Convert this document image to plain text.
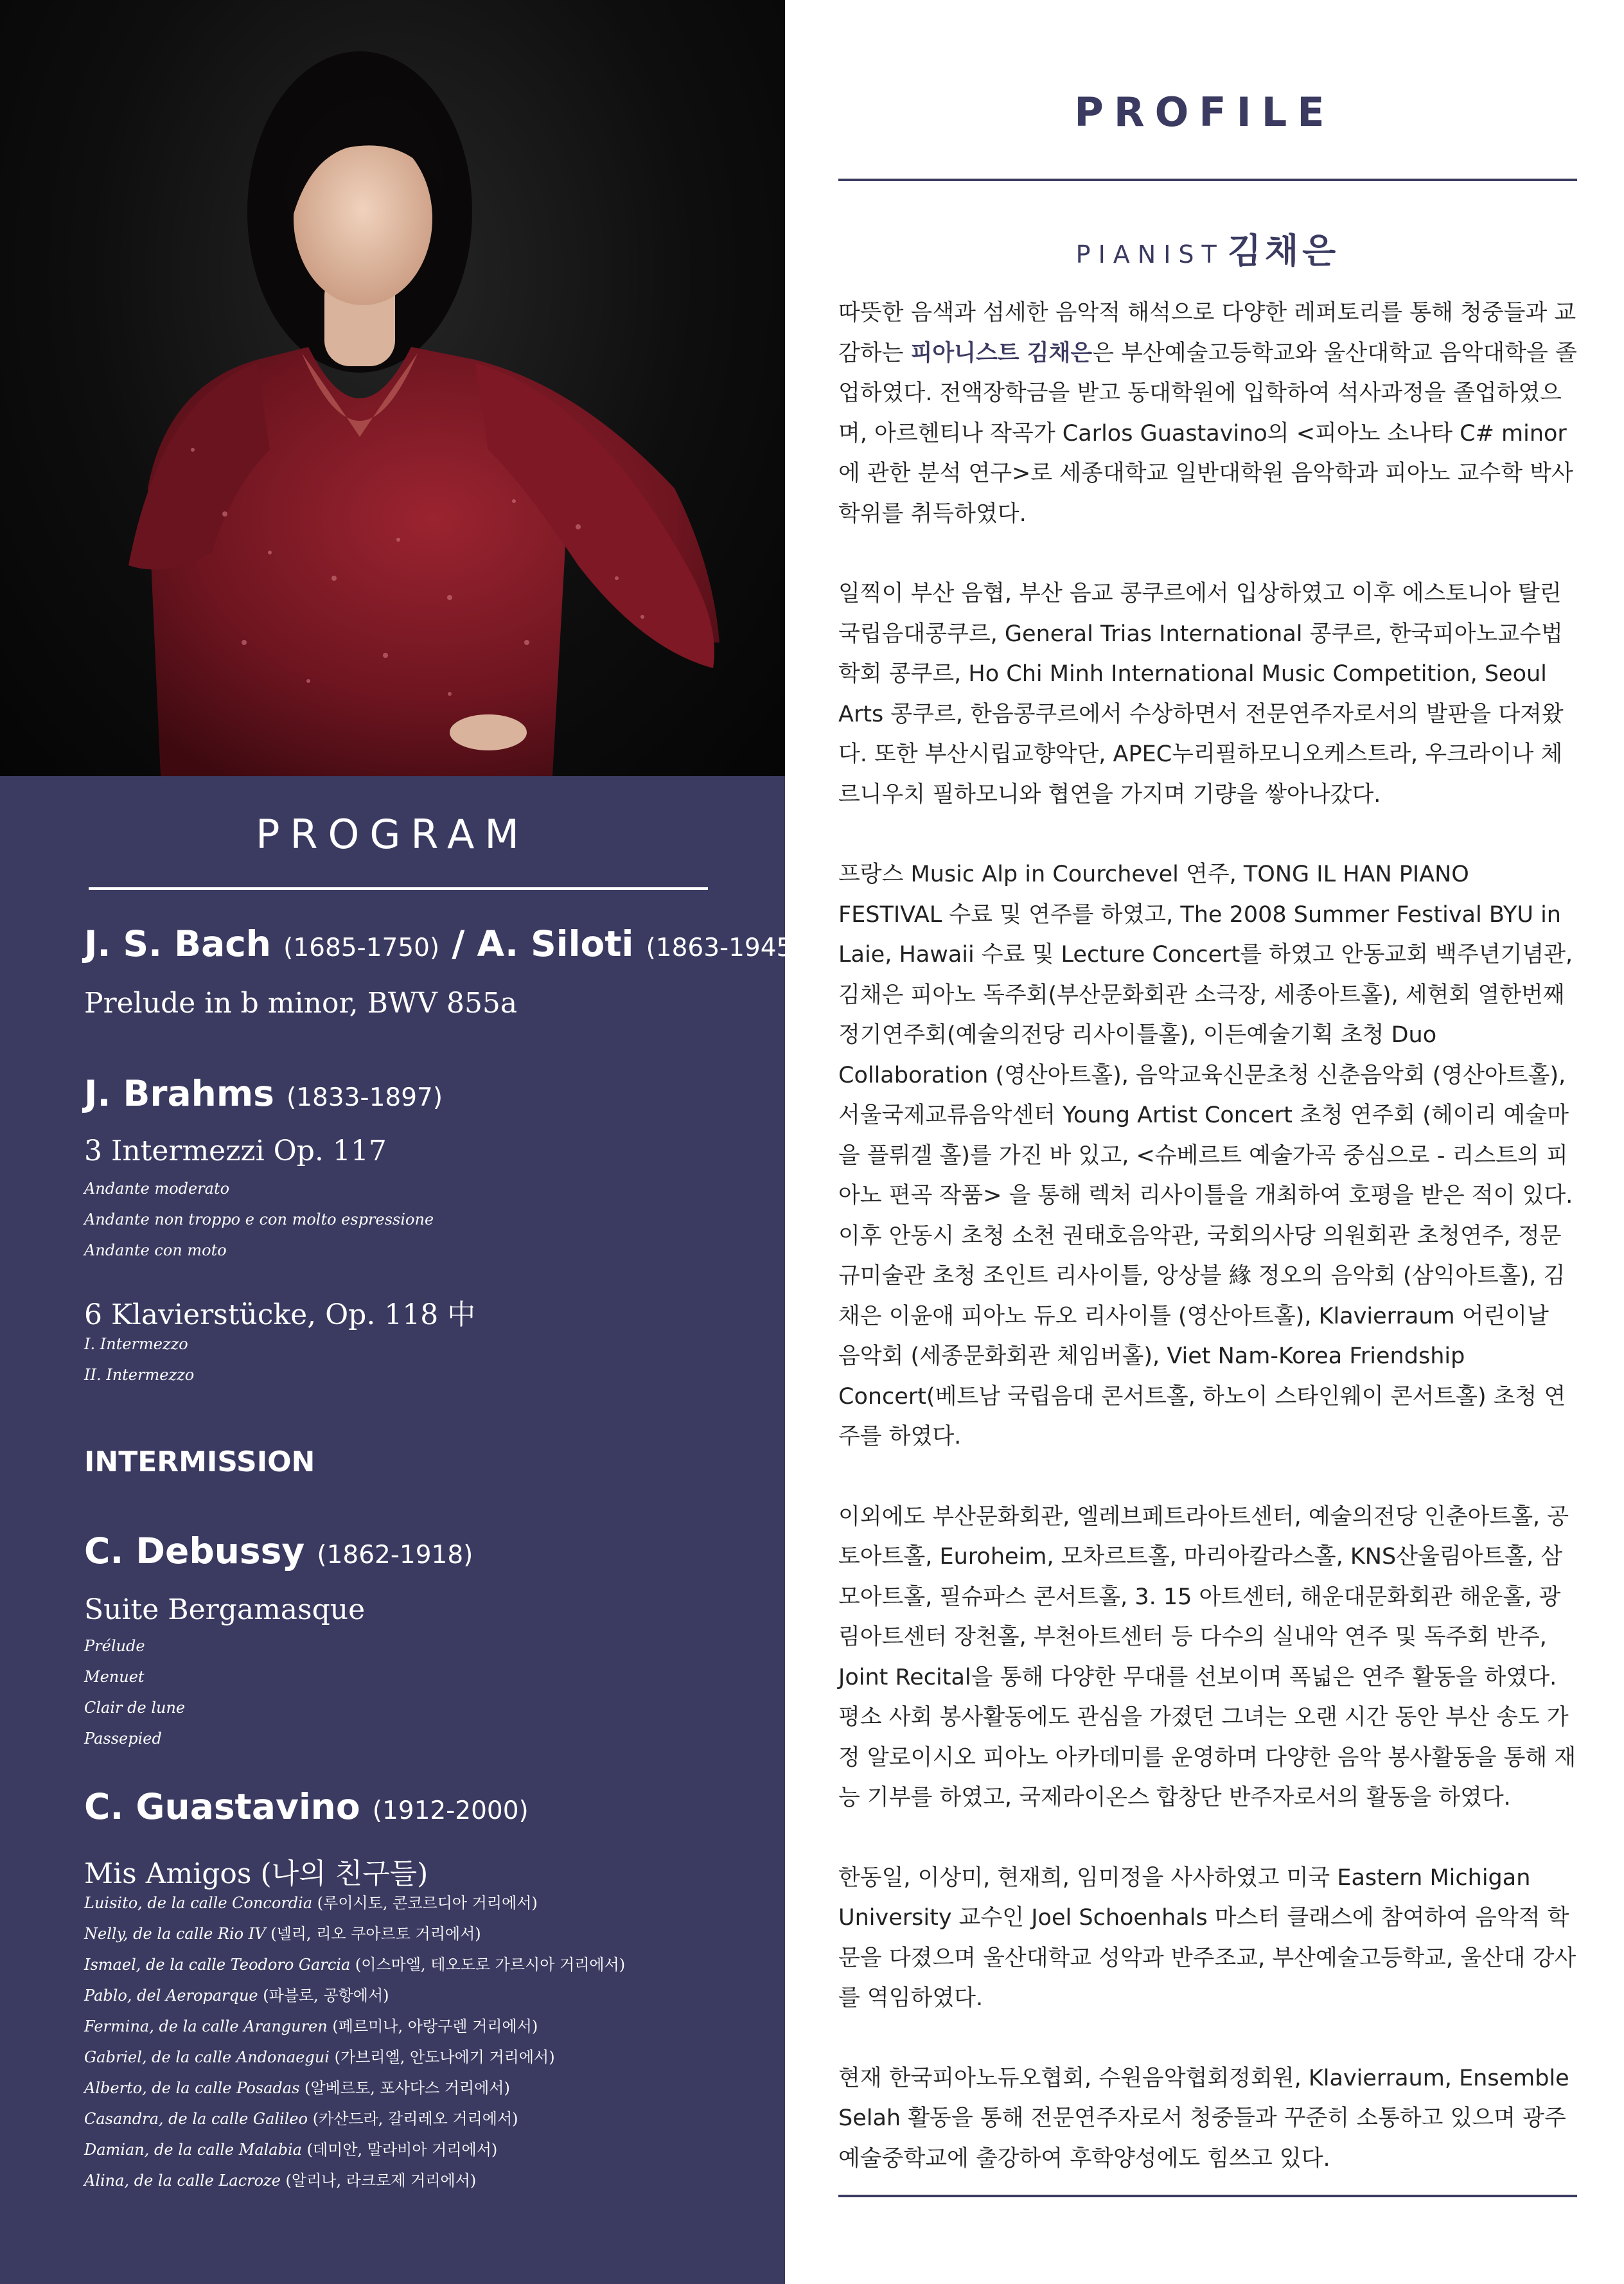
PROGRAM
J. S. Bach (1685-1750) / A. Siloti (1863-1945)
Prelude in b minor, BWV 855a
J. Brahms (1833-1897)
3 Intermezzi Op. 117
Andante moderato
Andante non troppo e con molto espressione
Andante con moto
6 Klavierstücke, Op. 118 中
I. Intermezzo
II. Intermezzo
INTERMISSION
C. Debussy (1862-1918)
Suite Bergamasque
Prélude
Menuet
Clair de lune
Passepied
C. Guastavino (1912-2000)
Mis Amigos (나의 친구들)
Luisito, de la calle Concordia (루이시토, 콘코르디아 거리에서)
Nelly, de la calle Rio IV (넬리, 리오 쿠아르토 거리에서)
Ismael, de la calle Teodoro Garcia (이스마엘, 테오도로 가르시아 거리에서)
Pablo, del Aeroparque (파블로, 공항에서)
Fermina, de la calle Aranguren (페르미나, 아랑구렌 거리에서)
Gabriel, de la calle Andonaegui (가브리엘, 안도나에기 거리에서)
Alberto, de la calle Posadas (알베르토, 포사다스 거리에서)
Casandra, de la calle Galileo (카산드라, 갈리레오 거리에서)
Damian, de la calle Malabia (데미안, 말라비아 거리에서)
Alina, de la calle Lacroze (알리나, 라크로제 거리에서)
PROFILE
PIANIST 김채은

따뜻한 음색과 섬세한 음악적 해석으로 다양한 레퍼토리를 통해 청중들과 교감하는 피아니스트 김채은은 부산예술고등학교와 울산대학교 음악대학을 졸업하였다. 전액장학금을 받고 동대학원에 입학하여 석사과정을 졸업하였으며, 아르헨티나 작곡가 Carlos Guastavino의 <피아노 소나타 C# minor에 관한 분석 연구>로 세종대학교 일반대학원 음악학과 피아노 교수학 박사학위를 취득하였다.

일찍이 부산 음협, 부산 음교 콩쿠르에서 입상하였고 이후 에스토니아 탈린 국립음대콩쿠르, General Trias International 콩쿠르, 한국피아노교수법학회 콩쿠르, Ho Chi Minh International Music Competition, Seoul Arts 콩쿠르, 한음콩쿠르에서 수상하면서 전문연주자로서의 발판을 다져왔다. 또한 부산시립교향악단, APEC누리필하모니오케스트라, 우크라이나 체르니우치 필하모니와 협연을 가지며 기량을 쌓아나갔다.

프랑스 Music Alp in Courchevel 연주, TONG IL HAN PIANO FESTIVAL 수료 및 연주를 하였고, The 2008 Summer Festival BYU in Laie, Hawaii 수료 및 Lecture Concert를 하였고 안동교회 백주년기념관, 김채은 피아노 독주회(부산문화회관 소극장, 세종아트홀), 세현회 열한번째 정기연주회(예술의전당 리사이틀홀), 이든예술기획 초청 Duo Collaboration (영산아트홀), 음악교육신문초청 신춘음악회 (영산아트홀), 서울국제교류음악센터 Young Artist Concert 초청 연주회 (헤이리 예술마을 플뤼겔 홀)를 가진 바 있고, <슈베르트 예술가곡 중심으로 - 리스트의 피아노 편곡 작품> 을 통해 렉처 리사이틀을 개최하여 호평을 받은 적이 있다. 이후 안동시 초청 소천 권태호음악관, 국회의사당 의원회관 초청연주, 정문규미술관 초청 조인트 리사이틀, 앙상블 緣 정오의 음악회 (삼익아트홀), 김채은 이윤애 피아노 듀오 리사이틀 (영산아트홀), Klavierraum 어린이날 음악회 (세종문화회관 체임버홀), Viet Nam-Korea Friendship Concert(베트남 국립음대 콘서트홀, 하노이 스타인웨이 콘서트홀) 초청 연주를 하였다.

이외에도 부산문화회관, 엘레브페트라아트센터, 예술의전당 인춘아트홀, 공토아트홀, Euroheim, 모차르트홀, 마리아칼라스홀, KNS산울림아트홀, 삼모아트홀, 필슈파스 콘서트홀, 3. 15 아트센터, 해운대문화회관 해운홀, 광림아트센터 장천홀, 부천아트센터 등 다수의 실내악 연주 및 독주회 반주, Joint Recital을 통해 다양한 무대를 선보이며 폭넓은 연주 활동을 하였다. 평소 사회 봉사활동에도 관심을 가졌던 그녀는 오랜 시간 동안 부산 송도 가정 알로이시오 피아노 아카데미를 운영하며 다양한 음악 봉사활동을 통해 재능 기부를 하였고, 국제라이온스 합창단 반주자로서의 활동을 하였다.

한동일, 이상미, 현재희, 임미정을 사사하였고 미국 Eastern Michigan University 교수인 Joel Schoenhals 마스터 클래스에 참여하여 음악적 학문을 다졌으며 울산대학교 성악과 반주조교, 부산예술고등학교, 울산대 강사를 역임하였다.

현재 한국피아노듀오협회, 수원음악협회정회원, Klavierraum, Ensemble Selah 활동을 통해 전문연주자로서 청중들과 꾸준히 소통하고 있으며 광주예술중학교에 출강하여 후학양성에도 힘쓰고 있다.
